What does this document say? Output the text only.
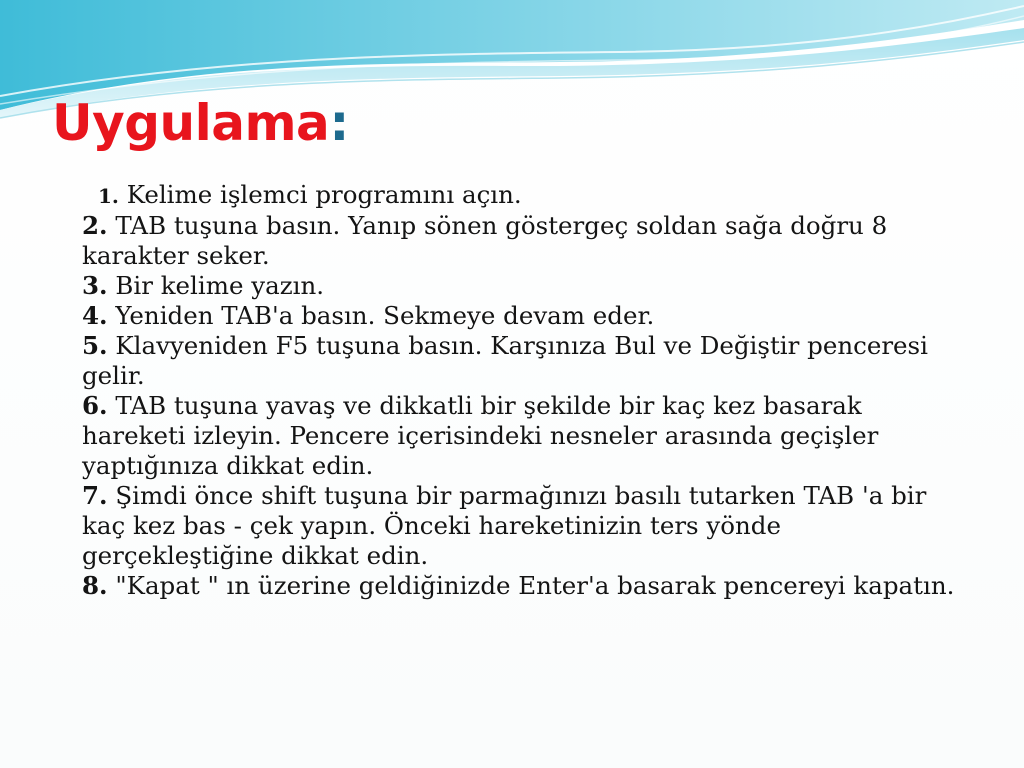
Uygulama:
1. Kelime işlemci programını açın.
2. TAB tuşuna basın. Yanıp sönen göstergeç soldan sağa doğru 8 karakter seker.
3. Bir kelime yazın.
4. Yeniden TAB'a basın. Sekmeye devam eder.
5. Klavyeniden F5 tuşuna basın. Karşınıza Bul ve Değiştir penceresi gelir.
6. TAB tuşuna yavaş ve dikkatli bir şekilde bir kaç kez basarak hareketi izleyin. Pencere içerisindeki nesneler arasında geçişler yaptığınıza dikkat edin.
7. Şimdi önce shift tuşuna bir parmağınızı basılı tutarken TAB 'a bir kaç kez bas - çek yapın. Önceki hareketinizin ters yönde gerçekleştiğine dikkat edin.
8. "Kapat " ın üzerine geldiğinizde Enter'a basarak pencereyi kapatın.
